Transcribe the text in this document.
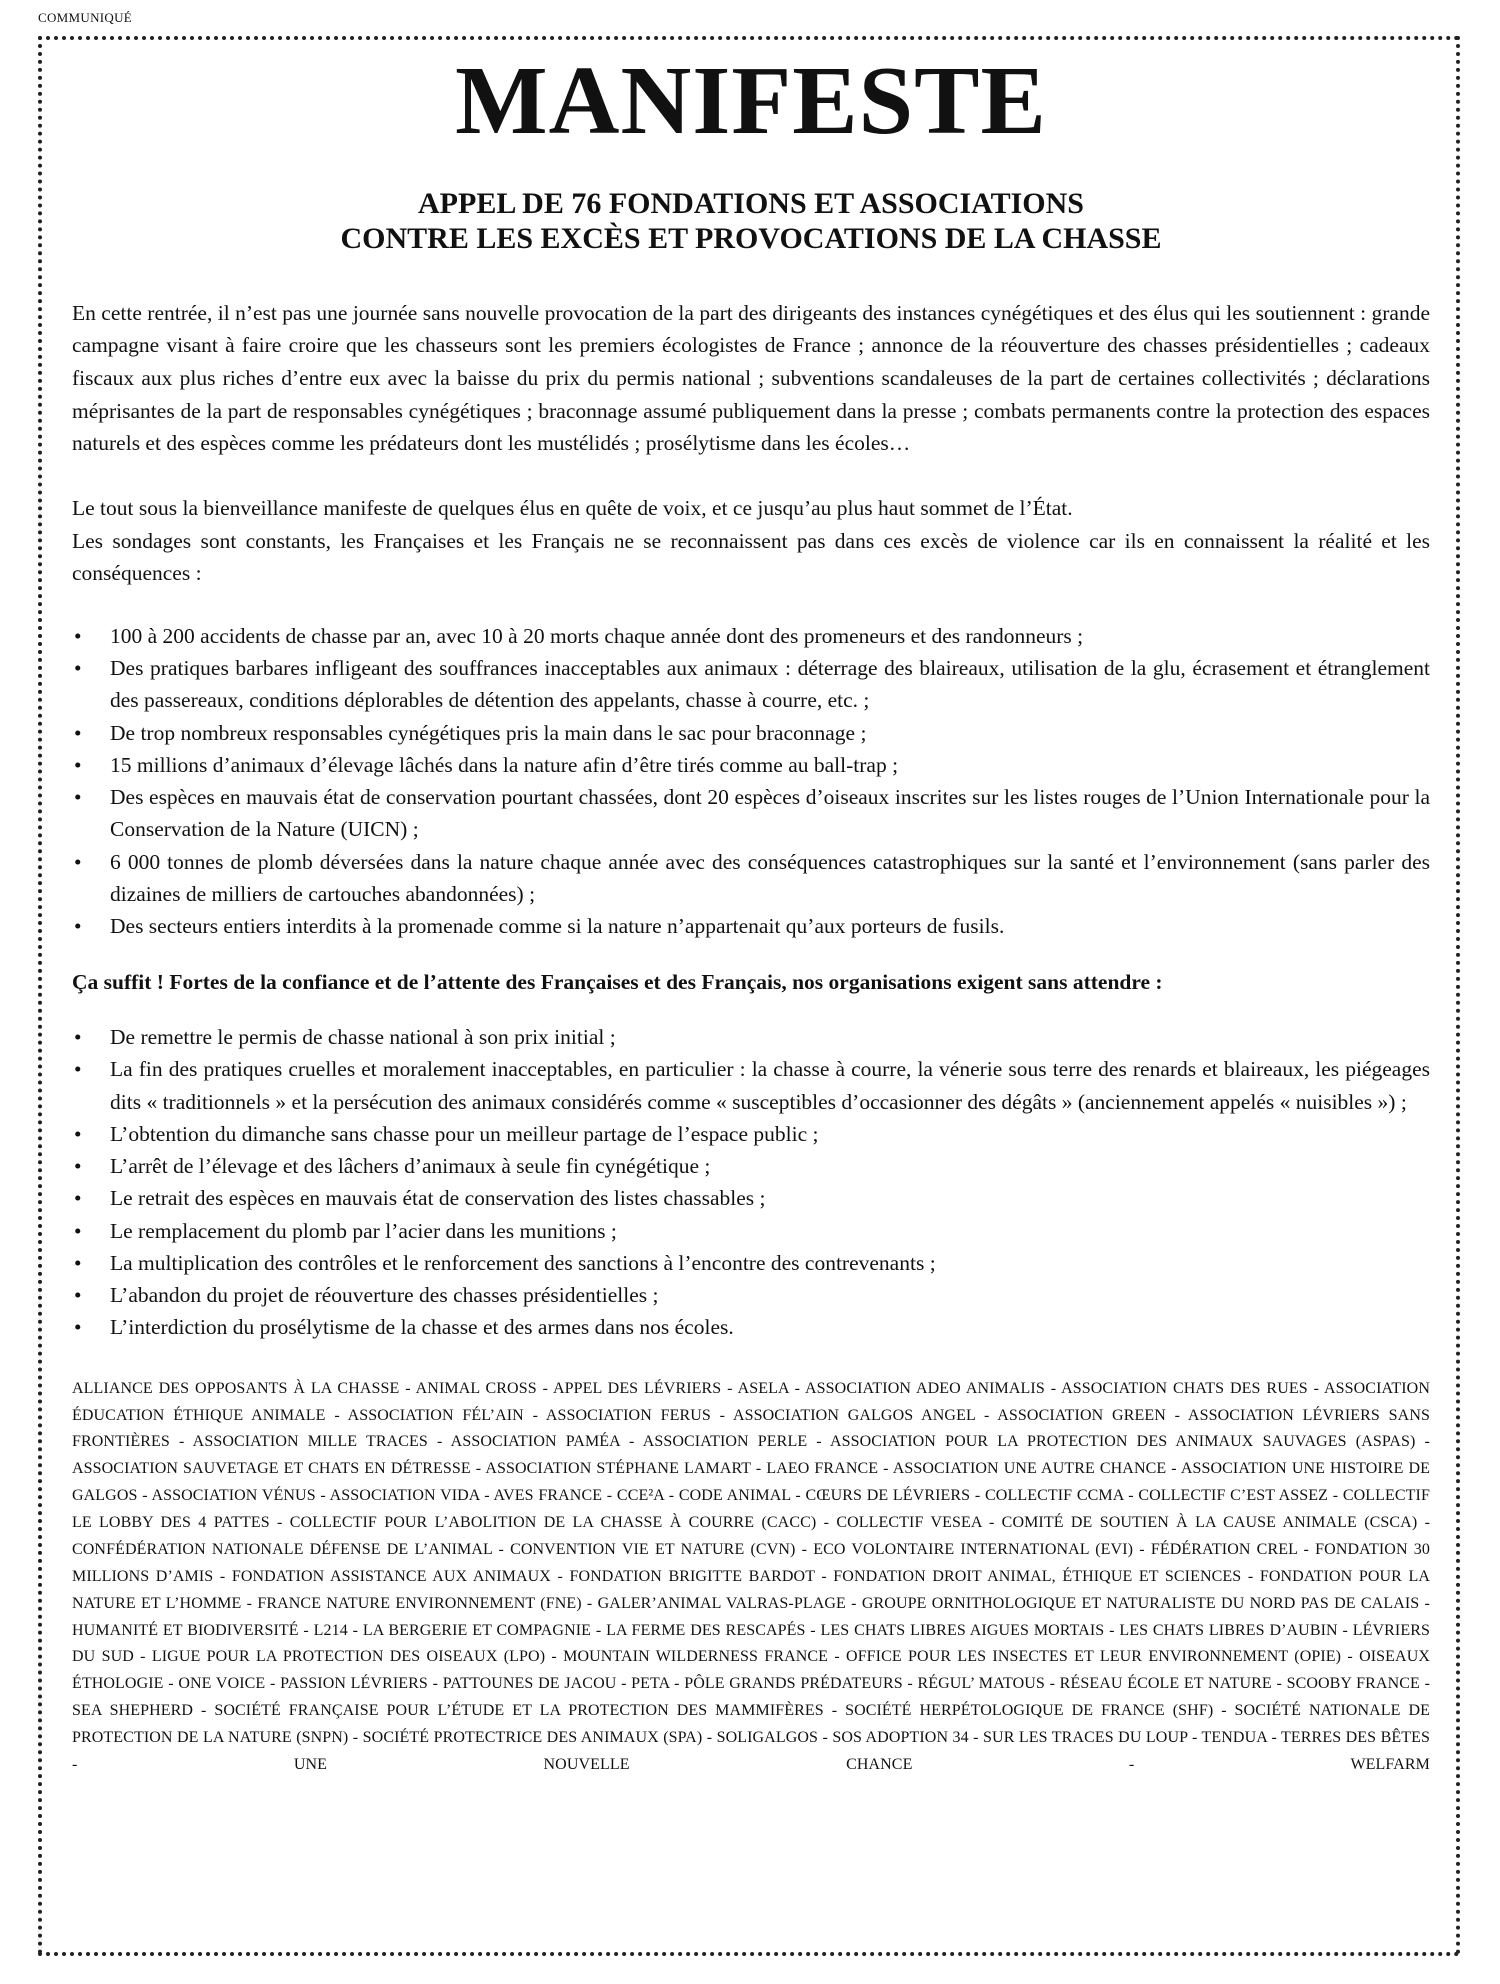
COMMUNIQUÉ
MANIFESTE
APPEL DE 76 FONDATIONS ET ASSOCIATIONS
CONTRE LES EXCÈS ET PROVOCATIONS DE LA CHASSE

En cette rentrée, il n’est pas une journée sans nouvelle provocation de la part des dirigeants des instances cynégétiques et des élus qui les soutiennent : grande campagne visant à faire croire que les chasseurs sont les premiers écologistes de France ; annonce de la réouverture des chasses présidentielles ; cadeaux fiscaux aux plus riches d’entre eux avec la baisse du prix du permis national ; subventions scandaleuses de la part de certaines collectivités ; déclarations méprisantes de la part de responsables cynégétiques ; braconnage assumé publiquement dans la presse ; combats permanents contre la protection des espaces naturels et des espèces comme les prédateurs dont les mustélidés ; prosélytisme dans les écoles…

Le tout sous la bienveillance manifeste de quelques élus en quête de voix, et ce jusqu’au plus haut sommet de l’État.

Les sondages sont constants, les Françaises et les Français ne se reconnaissent pas dans ces excès de violence car ils en connaissent la réalité et les conséquences :

• 100 à 200 accidents de chasse par an, avec 10 à 20 morts chaque année dont des promeneurs et des randonneurs ;
• Des pratiques barbares infligeant des souffrances inacceptables aux animaux : déterrage des blaireaux, utilisation de la glu, écrasement et étranglement des passereaux, conditions déplorables de détention des appelants, chasse à courre, etc. ;
• De trop nombreux responsables cynégétiques pris la main dans le sac pour braconnage ;
• 15 millions d’animaux d’élevage lâchés dans la nature afin d’être tirés comme au ball-trap ;
• Des espèces en mauvais état de conservation pourtant chassées, dont 20 espèces d’oiseaux inscrites sur les listes rouges de l’Union Internationale pour la Conservation de la Nature (UICN) ;
• 6 000 tonnes de plomb déversées dans la nature chaque année avec des conséquences catastrophiques sur la santé et l’environnement (sans parler des dizaines de milliers de cartouches abandonnées) ;
• Des secteurs entiers interdits à la promenade comme si la nature n’appartenait qu’aux porteurs de fusils.

Ça suffit ! Fortes de la confiance et de l’attente des Françaises et des Français, nos organisations exigent sans attendre :

• De remettre le permis de chasse national à son prix initial ;
• La fin des pratiques cruelles et moralement inacceptables, en particulier : la chasse à courre, la vénerie sous terre des renards et blaireaux, les piégeages dits « traditionnels » et la persécution des animaux considérés comme « susceptibles d’occasionner des dégâts » (anciennement appelés « nuisibles ») ;
• L’obtention du dimanche sans chasse pour un meilleur partage de l’espace public ;
• L’arrêt de l’élevage et des lâchers d’animaux à seule fin cynégétique ;
• Le retrait des espèces en mauvais état de conservation des listes chassables ;
• Le remplacement du plomb par l’acier dans les munitions ;
• La multiplication des contrôles et le renforcement des sanctions à l’encontre des contrevenants ;
• L’abandon du projet de réouverture des chasses présidentielles ;
• L’interdiction du prosélytisme de la chasse et des armes dans nos écoles.

ALLIANCE DES OPPOSANTS À LA CHASSE - ANIMAL CROSS - APPEL DES LÉVRIERS - ASELA - ASSOCIATION ADEO ANIMALIS - ASSOCIATION CHATS DES RUES - ASSOCIATION ÉDUCATION ÉTHIQUE ANIMALE - ASSOCIATION FÉL’AIN - ASSOCIATION FERUS - ASSOCIATION GALGOS ANGEL - ASSOCIATION GREEN - ASSOCIATION LÉVRIERS SANS FRONTIÈRES - ASSOCIATION MILLE TRACES - ASSOCIATION PAMÉA - ASSOCIATION PERLE - ASSOCIATION POUR LA PROTECTION DES ANIMAUX SAUVAGES (ASPAS) - ASSOCIATION SAUVETAGE ET CHATS EN DÉTRESSE - ASSOCIATION STÉPHANE LAMART - LAEO FRANCE - ASSOCIATION UNE AUTRE CHANCE - ASSOCIATION UNE HISTOIRE DE GALGOS - ASSOCIATION VÉNUS - ASSOCIATION VIDA - AVES FRANCE - CCE²A - CODE ANIMAL - CŒURS DE LÉVRIERS - COLLECTIF CCMA - COLLECTIF C’EST ASSEZ - COLLECTIF LE LOBBY DES 4 PATTES - COLLECTIF POUR L’ABOLITION DE LA CHASSE À COURRE (CACC) - COLLECTIF VESEA - COMITÉ DE SOUTIEN À LA CAUSE ANIMALE (CSCA) - CONFÉDÉRATION NATIONALE DÉFENSE DE L’ANIMAL - CONVENTION VIE ET NATURE (CVN) - ECO VOLONTAIRE INTERNATIONAL (EVI) - FÉDÉRATION CREL - FONDATION 30 MILLIONS D’AMIS - FONDATION ASSISTANCE AUX ANIMAUX - FONDATION BRIGITTE BARDOT - FONDATION DROIT ANIMAL, ÉTHIQUE ET SCIENCES - FONDATION POUR LA NATURE ET L’HOMME - FRANCE NATURE ENVIRONNEMENT (FNE) - GALER’ANIMAL VALRAS-PLAGE - GROUPE ORNITHOLOGIQUE ET NATURALISTE DU NORD PAS DE CALAIS - HUMANITÉ ET BIODIVERSITÉ - L214 - LA BERGERIE ET COMPAGNIE - LA FERME DES RESCAPÉS - LES CHATS LIBRES AIGUES MORTAIS - LES CHATS LIBRES D’AUBIN - LÉVRIERS DU SUD - LIGUE POUR LA PROTECTION DES OISEAUX (LPO) - MOUNTAIN WILDERNESS FRANCE - OFFICE POUR LES INSECTES ET LEUR ENVIRONNEMENT (OPIE) - OISEAUX ÉTHOLOGIE - ONE VOICE - PASSION LÉVRIERS - PATTOUNES DE JACOU - PETA - PÔLE GRANDS PRÉDATEURS - RÉGUL’ MATOUS - RÉSEAU ÉCOLE ET NATURE - SCOOBY FRANCE - SEA SHEPHERD - SOCIÉTÉ FRANÇAISE POUR L’ÉTUDE ET LA PROTECTION DES MAMMIFÈRES - SOCIÉTÉ HERPÉTOLOGIQUE DE FRANCE (SHF) - SOCIÉTÉ NATIONALE DE PROTECTION DE LA NATURE (SNPN) - SOCIÉTÉ PROTECTRICE DES ANIMAUX (SPA) - SOLIGALGOS - SOS ADOPTION 34 - SUR LES TRACES DU LOUP - TENDUA - TERRES DES BÊTES - UNE NOUVELLE CHANCE - WELFARM
